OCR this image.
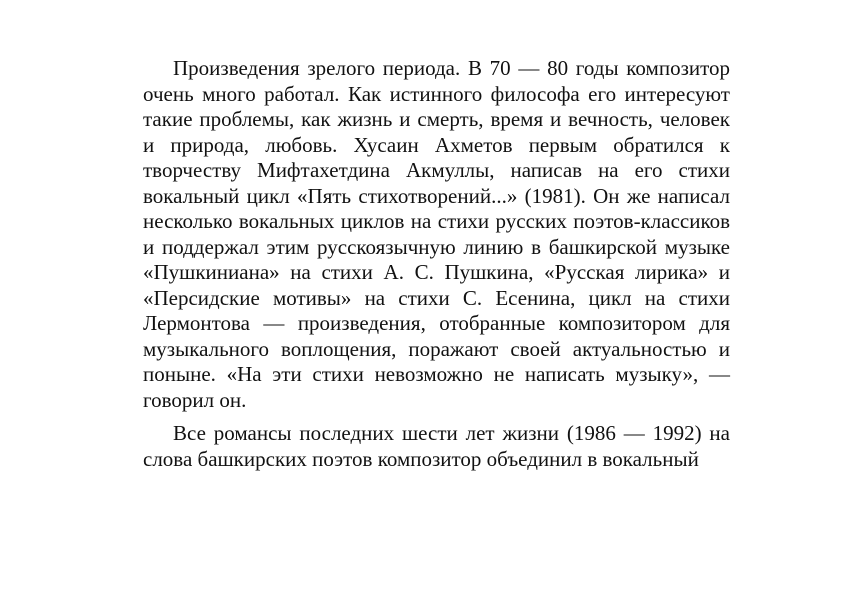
Произведения зрелого периода. В 70 — 80 годы композитор очень много работал. Как истинного философа его интересуют такие проблемы, как жизнь и смерть, время и вечность, человек и природа, любовь. Хусаин Ахметов первым обратился к творчеству Мифтахетдина Акмуллы, написав на его стихи вокальный цикл «Пять стихотворений...» (1981). Он же написал несколько вокальных циклов на стихи русских поэтов-классиков и поддержал этим русскоязычную линию в башкирской музыке «Пушкиниана» на стихи А. С. Пушкина, «Русская лирика» и «Персидские мотивы» на стихи С. Есенина, цикл на стихи Лермонтова — произведения, отобранные композитором для музыкального воплощения, поражают своей актуальностью и поныне. «На эти стихи невозможно не написать музыку», — говорил он.

Все романсы последних шести лет жизни (1986 — 1992) на слова башкирских поэтов композитор объединил в вокальный
